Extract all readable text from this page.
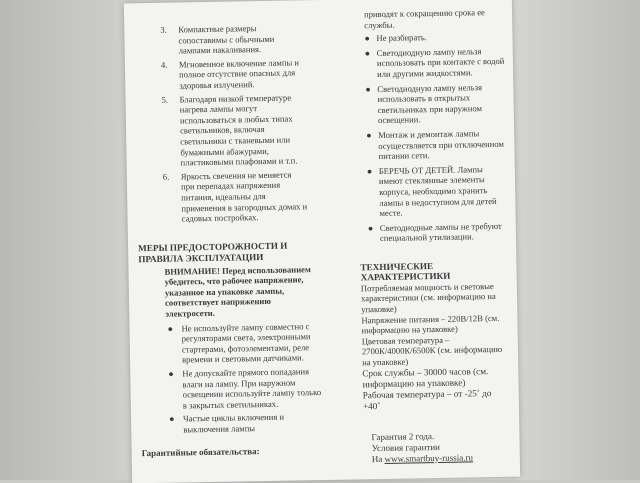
3. Компактные размеры сопоставимы с обычными лампами накаливания.
4. Мгновенное включение лампы и полное отсутствие опасных для здоровья излучений.
5. Благодаря низкой температуре нагрева лампы могут использоваться в любых типах светильников, включая светильники с тканевыми или бумажными абажурами, пластиковыми плафонами и т.п.
6. Яркость свечения не меняется при перепадах напряжения питания, идеальны для применения в загородных домах и садовых постройках.
МЕРЫ ПРЕДОСТОРОЖНОСТИ И ПРАВИЛА ЭКСПЛУАТАЦИИ
ВНИМАНИЕ! Перед использованием убедитесь, что рабочее напряжение, указанное на упаковке лампы, соответствует напряжению электросети.
● Не используйте лампу совместно с регуляторами света, электронными стартерами, фотоэлементами, реле времени и световыми датчиками.
● Не допускайте прямого попадания влаги на лампу. При наружном освещении используйте лампу только в закрытых светильниках.
● Частые циклы включения и выключения лампы
Гарантийные обязательства:
приводят к сокращению срока ее службы.
● Не разбирать.
● Светодиодную лампу нельзя использовать при контакте с водой или другими жидкостями.
● Светодиодную лампу нельзя использовать в открытых светильниках при наружном освещении.
● Монтаж и демонтаж лампы осуществляется при отключенном питании сети.
● БЕРЕЧЬ ОТ ДЕТЕЙ. Лампы имеют стеклянные элементы корпуса, необходимо хранить лампы в недоступном для детей месте.
● Светодиодные лампы не требуют специальной утилизации.
ТЕХНИЧЕСКИЕ ХАРАКТЕРИСТИКИ

Потребляемая мощность и световые характеристики (см. информацию на упаковке)

Напряжение питания – 220В/12В (см. информацию на упаковке)

Цветовая температура – 2700К/4000К/6500К (см. информацию на упаковке)

Срок службы – 30000 часов (см. информацию на упаковке)

Рабочая температура – от -25˚ до +40˚

Гарантия 2 года.

Условия гарантии

На www.smartbuy-russia.ru
